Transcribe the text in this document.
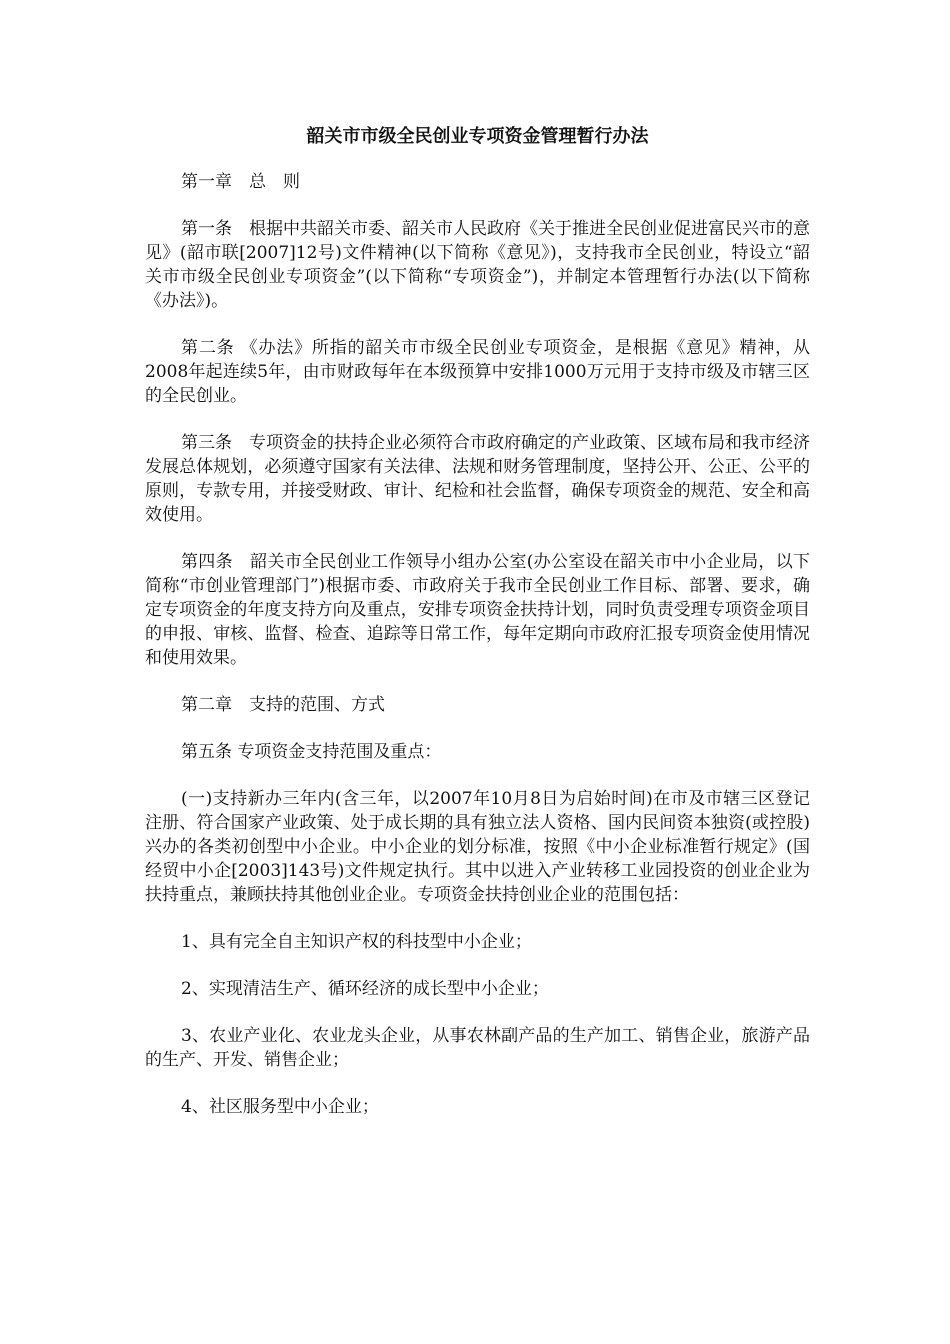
韶关市市级全民创业专项资金管理暂行办法

第一章　总　则

第一条　根据中共韶关市委、韶关市人民政府《关于推进全民创业促进富民兴市的意见》(韶市联[2007]12号)文件精神(以下简称《意见》)，支持我市全民创业，特设立“韶关市市级全民创业专项资金”(以下简称“专项资金”)，并制定本管理暂行办法(以下简称《办法》)。

第二条 《办法》所指的韶关市市级全民创业专项资金，是根据《意见》精神，从2008年起连续5年，由市财政每年在本级预算中安排1000万元用于支持市级及市辖三区的全民创业。

第三条　专项资金的扶持企业必须符合市政府确定的产业政策、区域布局和我市经济发展总体规划，必须遵守国家有关法律、法规和财务管理制度，坚持公开、公正、公平的原则，专款专用，并接受财政、审计、纪检和社会监督，确保专项资金的规范、安全和高效使用。

第四条　韶关市全民创业工作领导小组办公室(办公室设在韶关市中小企业局，以下简称“市创业管理部门”)根据市委、市政府关于我市全民创业工作目标、部署、要求，确定专项资金的年度支持方向及重点，安排专项资金扶持计划，同时负责受理专项资金项目的申报、审核、监督、检查、追踪等日常工作，每年定期向市政府汇报专项资金使用情况和使用效果。

第二章　支持的范围、方式

第五条 专项资金支持范围及重点：

(一)支持新办三年内(含三年，以2007年10月8日为启始时间)在市及市辖三区登记注册、符合国家产业政策、处于成长期的具有独立法人资格、国内民间资本独资(或控股)兴办的各类初创型中小企业。中小企业的划分标准，按照《中小企业标准暂行规定》(国经贸中小企[2003]143号)文件规定执行。其中以进入产业转移工业园投资的创业企业为扶持重点，兼顾扶持其他创业企业。专项资金扶持创业企业的范围包括：

1、具有完全自主知识产权的科技型中小企业；

2、实现清洁生产、循环经济的成长型中小企业；

3、农业产业化、农业龙头企业，从事农林副产品的生产加工、销售企业，旅游产品的生产、开发、销售企业；

4、社区服务型中小企业；
